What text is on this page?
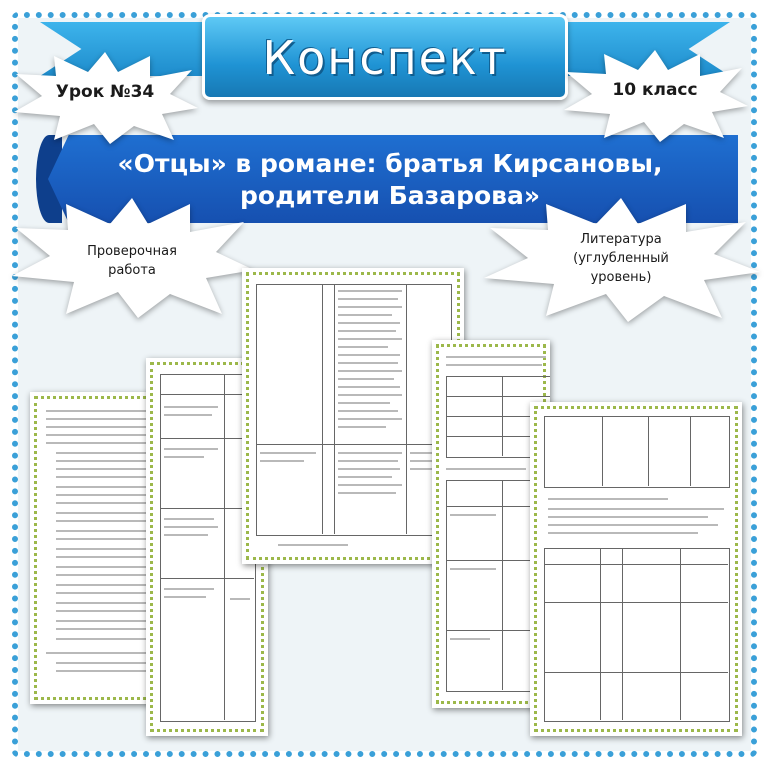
Конспект
«Отцы» в романе: братья Кирсановы,
родители Базарова»
Урок №34	10 класс
Проверочная
работа
Литература
(углубленный
уровень)
